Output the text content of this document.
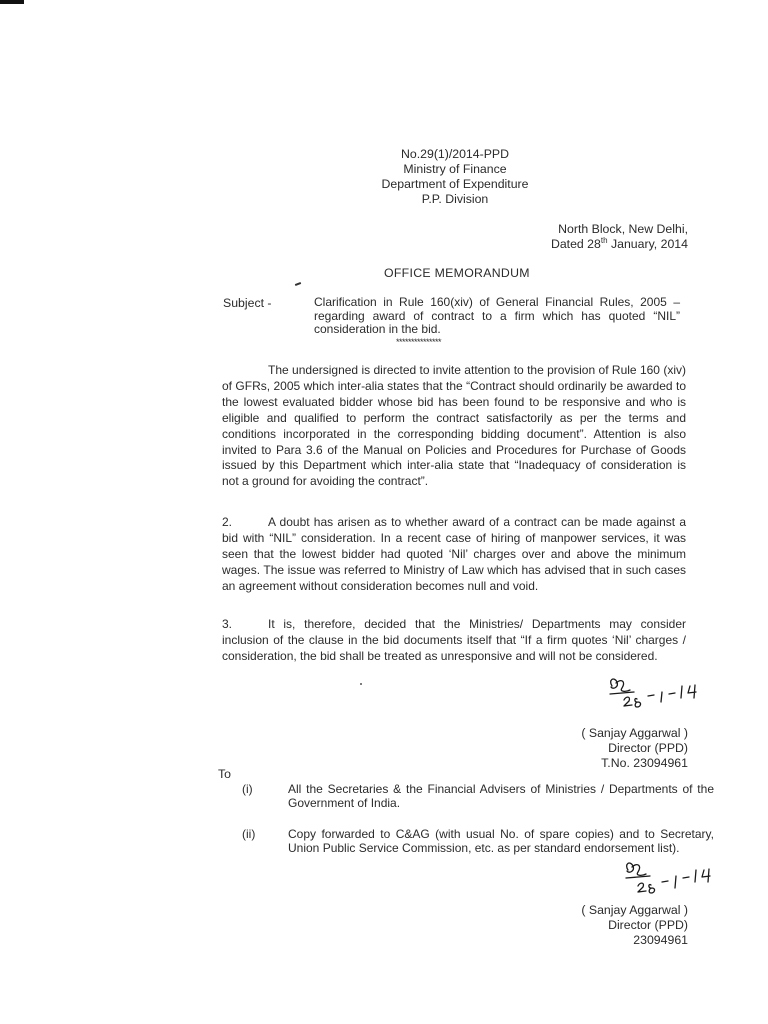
No.29(1)/2014-PPD
Ministry of Finance
Department of Expenditure
P.P. Division
North Block, New Delhi,
Dated 28th January, 2014
OFFICE MEMORANDUM
Subject -	Clarification in Rule 160(xiv) of General Financial Rules, 2005 – regarding award of contract to a firm which has quoted “NIL” consideration in the bid.
***************
The undersigned is directed to invite attention to the provision of Rule 160 (xiv) of GFRs, 2005 which inter-alia states that the “Contract should ordinarily be awarded to the lowest evaluated bidder whose bid has been found to be responsive and who is eligible and qualified to perform the contract satisfactorily as per the terms and conditions incorporated in the corresponding bidding document”. Attention is also invited to Para 3.6 of the Manual on Policies and Procedures for Purchase of Goods issued by this Department which inter-alia state that “Inadequacy of consideration is not a ground for avoiding the contract”.
2.	A doubt has arisen as to whether award of a contract can be made against a bid with “NIL” consideration. In a recent case of hiring of manpower services, it was seen that the lowest bidder had quoted ‘Nil’ charges over and above the minimum wages. The issue was referred to Ministry of Law which has advised that in such cases an agreement without consideration becomes null and void.
3.	It is, therefore, decided that the Ministries/ Departments may consider inclusion of the clause in the bid documents itself that “If a firm quotes ‘Nil’ charges / consideration, the bid shall be treated as unresponsive and will not be considered.
( Sanjay Aggarwal )
Director (PPD)
T.No. 23094961
To
(i)	All the Secretaries & the Financial Advisers of Ministries / Departments of the Government of India.
(ii)	Copy forwarded to C&AG (with usual No. of spare copies) and to Secretary, Union Public Service Commission, etc. as per standard endorsement list).
( Sanjay Aggarwal )
Director (PPD)
23094961
